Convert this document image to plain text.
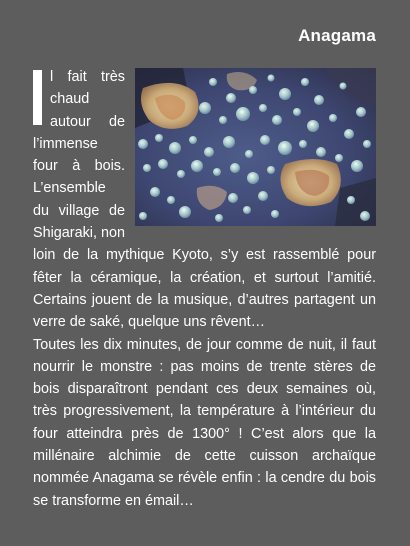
Anagama

l fait très chaud autour de l’immense four à bois. L’ensemble du village de Shigaraki, non loin de la mythique Kyoto, s’y est rassemblé pour fêter la céramique, la création, et surtout l’amitié. Certains jouent de la musique, d’autres partagent un verre de saké, quelque uns rêvent…

Toutes les dix minutes, de jour comme de nuit, il faut nourrir le monstre : pas moins de trente stères de bois disparaîtront pendant ces deux semaines où, très progressivement, la température à l’intérieur du four atteindra près de 1300° ! C’est alors que la millénaire alchimie de cette cuisson archaïque nommée Anagama se révèle enfin : la cendre du bois se transforme en émail…
